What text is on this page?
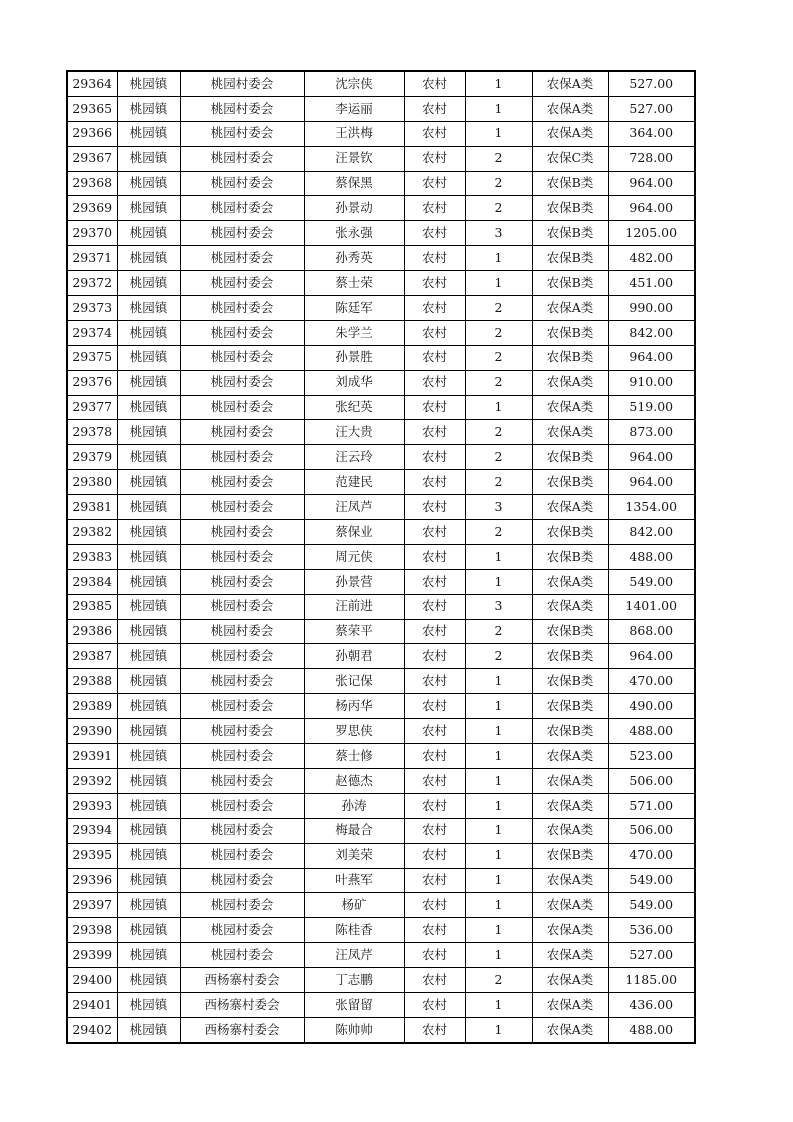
29364	桃园镇	桃园村委会	沈宗侠	农村	1	农保A类	527.00
29365	桃园镇	桃园村委会	李运丽	农村	1	农保A类	527.00
29366	桃园镇	桃园村委会	王洪梅	农村	1	农保A类	364.00
29367	桃园镇	桃园村委会	汪景钦	农村	2	农保C类	728.00
29368	桃园镇	桃园村委会	蔡保黑	农村	2	农保B类	964.00
29369	桃园镇	桃园村委会	孙景动	农村	2	农保B类	964.00
29370	桃园镇	桃园村委会	张永强	农村	3	农保B类	1205.00
29371	桃园镇	桃园村委会	孙秀英	农村	1	农保B类	482.00
29372	桃园镇	桃园村委会	蔡士荣	农村	1	农保B类	451.00
29373	桃园镇	桃园村委会	陈廷军	农村	2	农保A类	990.00
29374	桃园镇	桃园村委会	朱学兰	农村	2	农保B类	842.00
29375	桃园镇	桃园村委会	孙景胜	农村	2	农保B类	964.00
29376	桃园镇	桃园村委会	刘成华	农村	2	农保A类	910.00
29377	桃园镇	桃园村委会	张纪英	农村	1	农保A类	519.00
29378	桃园镇	桃园村委会	汪大贵	农村	2	农保A类	873.00
29379	桃园镇	桃园村委会	汪云玲	农村	2	农保B类	964.00
29380	桃园镇	桃园村委会	范建民	农村	2	农保B类	964.00
29381	桃园镇	桃园村委会	汪凤芦	农村	3	农保A类	1354.00
29382	桃园镇	桃园村委会	蔡保业	农村	2	农保B类	842.00
29383	桃园镇	桃园村委会	周元侠	农村	1	农保B类	488.00
29384	桃园镇	桃园村委会	孙景营	农村	1	农保A类	549.00
29385	桃园镇	桃园村委会	汪前进	农村	3	农保A类	1401.00
29386	桃园镇	桃园村委会	蔡荣平	农村	2	农保B类	868.00
29387	桃园镇	桃园村委会	孙朝君	农村	2	农保B类	964.00
29388	桃园镇	桃园村委会	张记保	农村	1	农保B类	470.00
29389	桃园镇	桃园村委会	杨丙华	农村	1	农保B类	490.00
29390	桃园镇	桃园村委会	罗思侠	农村	1	农保B类	488.00
29391	桃园镇	桃园村委会	蔡士修	农村	1	农保A类	523.00
29392	桃园镇	桃园村委会	赵德杰	农村	1	农保A类	506.00
29393	桃园镇	桃园村委会	孙涛	农村	1	农保A类	571.00
29394	桃园镇	桃园村委会	梅最合	农村	1	农保A类	506.00
29395	桃园镇	桃园村委会	刘美荣	农村	1	农保B类	470.00
29396	桃园镇	桃园村委会	叶燕军	农村	1	农保A类	549.00
29397	桃园镇	桃园村委会	杨矿	农村	1	农保A类	549.00
29398	桃园镇	桃园村委会	陈桂香	农村	1	农保A类	536.00
29399	桃园镇	桃园村委会	汪凤芹	农村	1	农保A类	527.00
29400	桃园镇	西杨寨村委会	丁志鹏	农村	2	农保A类	1185.00
29401	桃园镇	西杨寨村委会	张留留	农村	1	农保A类	436.00
29402	桃园镇	西杨寨村委会	陈帅帅	农村	1	农保A类	488.00
